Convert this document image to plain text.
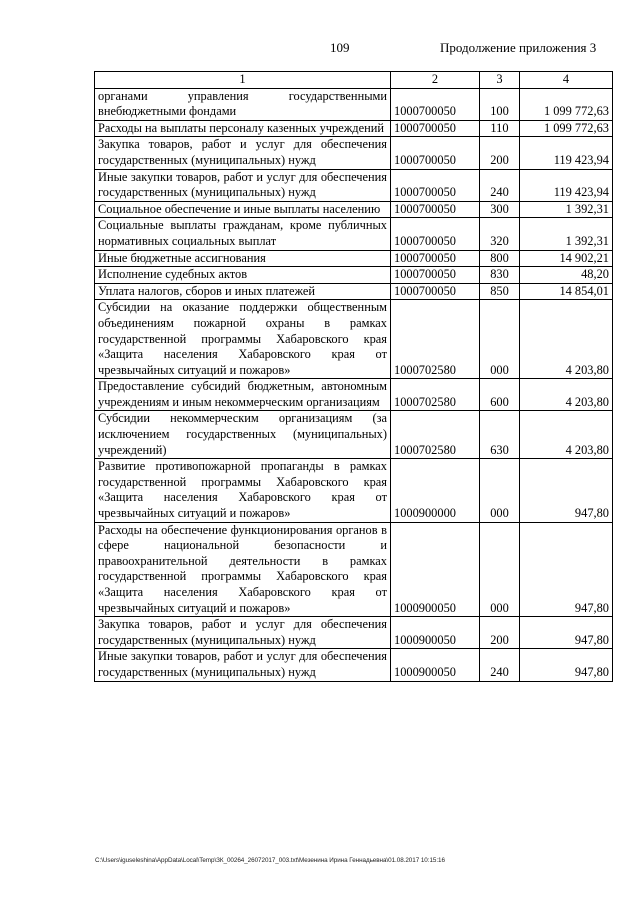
109	Продолжение приложения 3
1	2	3	4
органами управления государственными внебюджетными фондами	1000700050	100	1 099 772,63
Расходы на выплаты персоналу казенных учреждений	1000700050	110	1 099 772,63
Закупка товаров, работ и услуг для обеспечения государственных (муниципальных) нужд	1000700050	200	119 423,94
Иные закупки товаров, работ и услуг для обеспечения государственных (муниципальных) нужд	1000700050	240	119 423,94
Социальное обеспечение и иные выплаты населению	1000700050	300	1 392,31
Социальные выплаты гражданам, кроме публичных нормативных социальных выплат	1000700050	320	1 392,31
Иные бюджетные ассигнования	1000700050	800	14 902,21
Исполнение судебных актов	1000700050	830	48,20
Уплата налогов, сборов и иных платежей	1000700050	850	14 854,01
Субсидии на оказание поддержки общественным объединениям пожарной охраны в рамках государственной программы Хабаровского края «Защита населения Хабаровского края от чрезвычайных ситуаций и пожаров»	1000702580	000	4 203,80
Предоставление субсидий бюджетным, автономным учреждениям и иным некоммерческим организациям	1000702580	600	4 203,80
Субсидии некоммерческим организациям (за исключением государственных (муниципальных) учреждений)	1000702580	630	4 203,80
Развитие противопожарной пропаганды в рамках государственной программы Хабаровского края «Защита населения Хабаровского края от чрезвычайных ситуаций и пожаров»	1000900000	000	947,80
Расходы на обеспечение функционирования органов в сфере национальной безопасности и правоохранительной деятельности в рамках государственной программы Хабаровского края «Защита населения Хабаровского края от чрезвычайных ситуаций и пожаров»	1000900050	000	947,80
Закупка товаров, работ и услуг для обеспечения государственных (муниципальных) нужд	1000900050	200	947,80
Иные закупки товаров, работ и услуг для обеспечения государственных (муниципальных) нужд	1000900050	240	947,80
C:\Users\iguseleshina\AppData\Local\Temp\ЗК_00264_26072017_003.txt\Мезенина Ирина Геннадьевна\01.08.2017 10:15:16
